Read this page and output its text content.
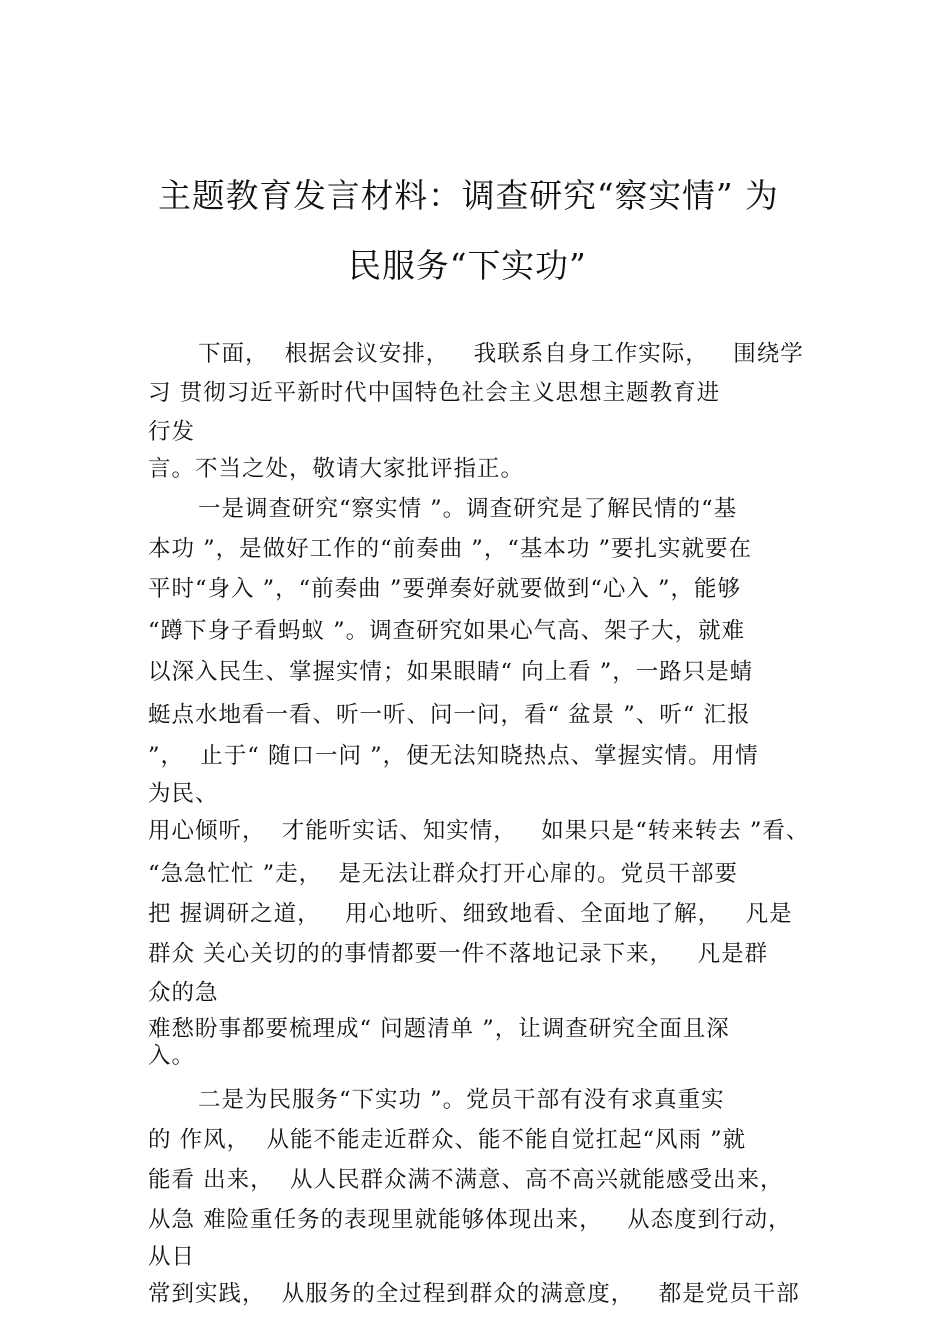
主题教育发言材料：调查研究“察实情” 为
民服务“下实功”
下面，  根据会议安排，   我联系自身工作实际，   围绕学
习 贯彻习近平新时代中国特色社会主义思想主题教育进
行发
言。不当之处，敬请大家批评指正。
一是调查研究“察实情 ”。调查研究是了解民情的“基
本功 ”，是做好工作的“前奏曲 ”，“基本功 ”要扎实就要在
平时“身入 ”，“前奏曲 ”要弹奏好就要做到“心入 ”，能够
“蹲下身子看蚂蚁 ”。调查研究如果心气高、架子大，就难
以深入民生、掌握实情；如果眼睛“ 向上看 ”，一路只是蜻
蜓点水地看一看、听一听、问一问，看“ 盆景 ”、听“ 汇报
”，  止于“ 随口一问 ”，便无法知晓热点、掌握实情。用情
为民、
用心倾听，  才能听实话、知实情，   如果只是“转来转去 ”看、
“急急忙忙 ”走，  是无法让群众打开心扉的。党员干部要
把 握调研之道，   用心地听、细致地看、全面地了解，   凡是
群众 关心关切的的事情都要一件不落地记录下来，   凡是群
众的急
难愁盼事都要梳理成“ 问题清单 ”，让调查研究全面且深
入。
二是为民服务“下实功 ”。党员干部有没有求真重实
的 作风，  从能不能走近群众、能不能自觉扛起“风雨 ”就
能看 出来，  从人民群众满不满意、高不高兴就能感受出来，
从急 难险重任务的表现里就能够体现出来，   从态度到行动，
从日
常到实践，  从服务的全过程到群众的满意度，   都是党员干部
